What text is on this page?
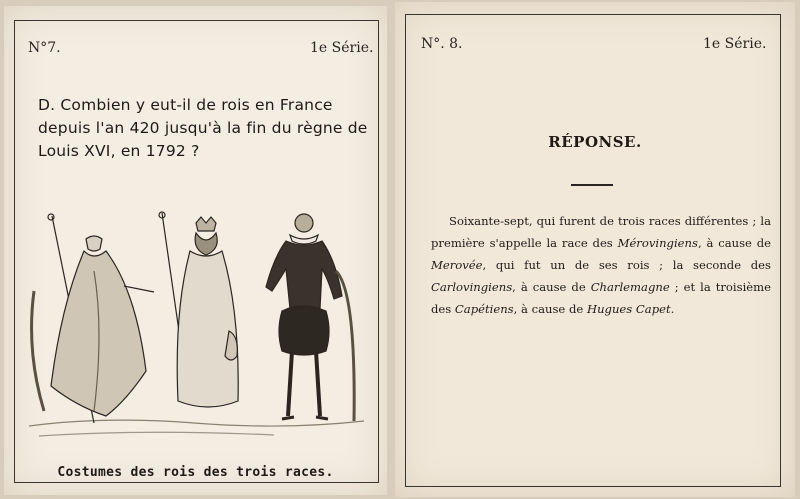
N°7.	1e Série.
D. Combien y eut-il de rois en France depuis l'an 420 jusqu'à la fin du règne de Louis XVI, en 1792 ?
Costumes des rois des trois races.
N°. 8.	1e Série.
RÉPONSE.
Soixante-sept, qui furent de trois races différentes ; la première s'appelle la race des Mérovingiens, à cause de Merovée, qui fut un de ses rois ; la seconde des Carlovingiens, à cause de Charlemagne ; et la troisième des Capétiens, à cause de Hugues Capet.
